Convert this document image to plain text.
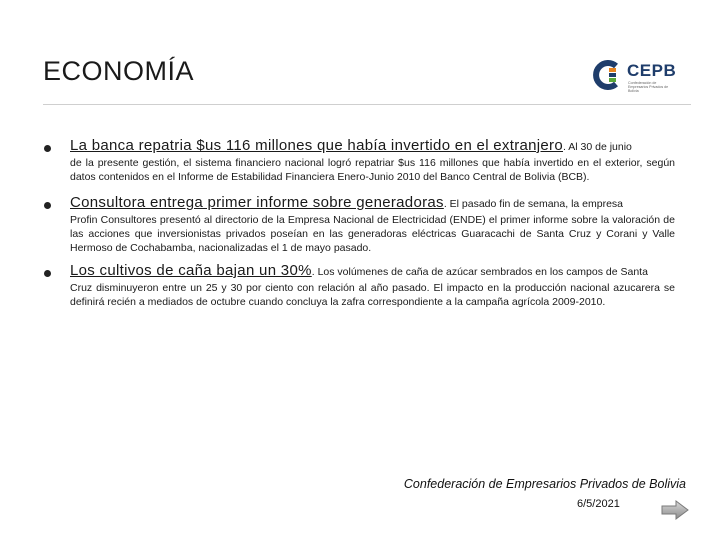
ECONOMÍA	CEPB
Confederación de Empresarios Privados de Bolivia
La banca repatria $us 116 millones que había invertido en el extranjero. Al 30 de junio
de la presente gestión, el sistema financiero nacional logró repatriar $us 116 millones que había invertido en el exterior, según datos contenidos en el Informe de Estabilidad Financiera Enero-Junio 2010 del Banco Central de Bolivia (BCB).
Consultora entrega primer informe sobre generadoras. El pasado fin de semana, la empresa
Profin Consultores presentó al directorio de la Empresa Nacional de Electricidad (ENDE) el primer informe sobre la valoración de las acciones que inversionistas privados poseían en las generadoras eléctricas Guaracachi de Santa Cruz y Corani y Valle Hermoso de Cochabamba, nacionalizadas el 1 de mayo pasado.
Los cultivos de caña bajan un 30%. Los volúmenes de caña de azúcar sembrados en los campos de Santa
Cruz disminuyeron entre un 25 y 30 por ciento con relación al año pasado. El impacto en la producción nacional azucarera se definirá recién a mediados de octubre cuando concluya la zafra correspondiente a la campaña agrícola 2009-2010.
Confederación de Empresarios Privados de Bolivia
6/5/2021
